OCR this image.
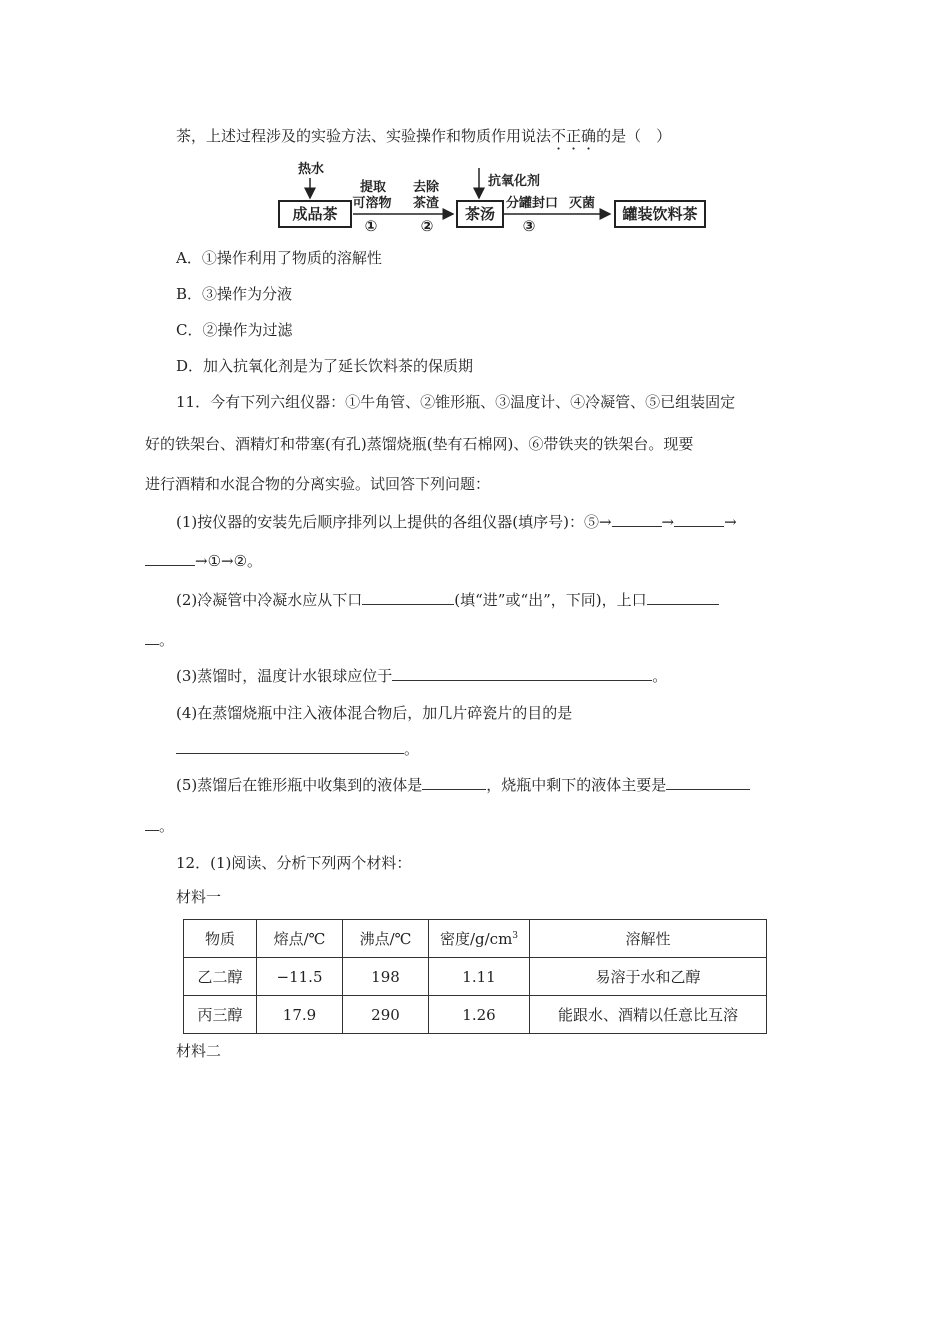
茶，上述过程涉及的实验方法、实验操作和物质作用说法不正确的是（　）
热水
成品茶
提取
可溶物
①
去除
茶渣
②
茶汤
抗氧化剂
分罐封口
③
灭菌
罐装饮料茶
A．①操作利用了物质的溶解性
B．③操作为分液
C．②操作为过滤
D．加入抗氧化剂是为了延长饮料茶的保质期
11．今有下列六组仪器：①牛角管、②锥形瓶、③温度计、④冷凝管、⑤已组装固定
好的铁架台、酒精灯和带塞(有孔)蒸馏烧瓶(垫有石棉网)、⑥带铁夹的铁架台。现要
进行酒精和水混合物的分离实验。试回答下列问题：
(1)按仪器的安装先后顺序排列以上提供的各组仪器(填序号)：⑤→	→	→
→①→②。
(2)冷凝管中冷凝水应从下口	(填“进”或“出”，下同)，上口
。
(3)蒸馏时，温度计水银球应位于	。
(4)在蒸馏烧瓶中注入液体混合物后，加几片碎瓷片的目的是
。
(5)蒸馏后在锥形瓶中收集到的液体是	，烧瓶中剩下的液体主要是
。
12．(1)阅读、分析下列两个材料：
材料一
物质	熔点/℃	沸点/℃	密度$/g/cm^3$	溶解性
乙二醇	−11.5	198	1.11	易溶于水和乙醇
丙三醇	17.9	290	1.26	能跟水、酒精以任意比互溶
材料二
